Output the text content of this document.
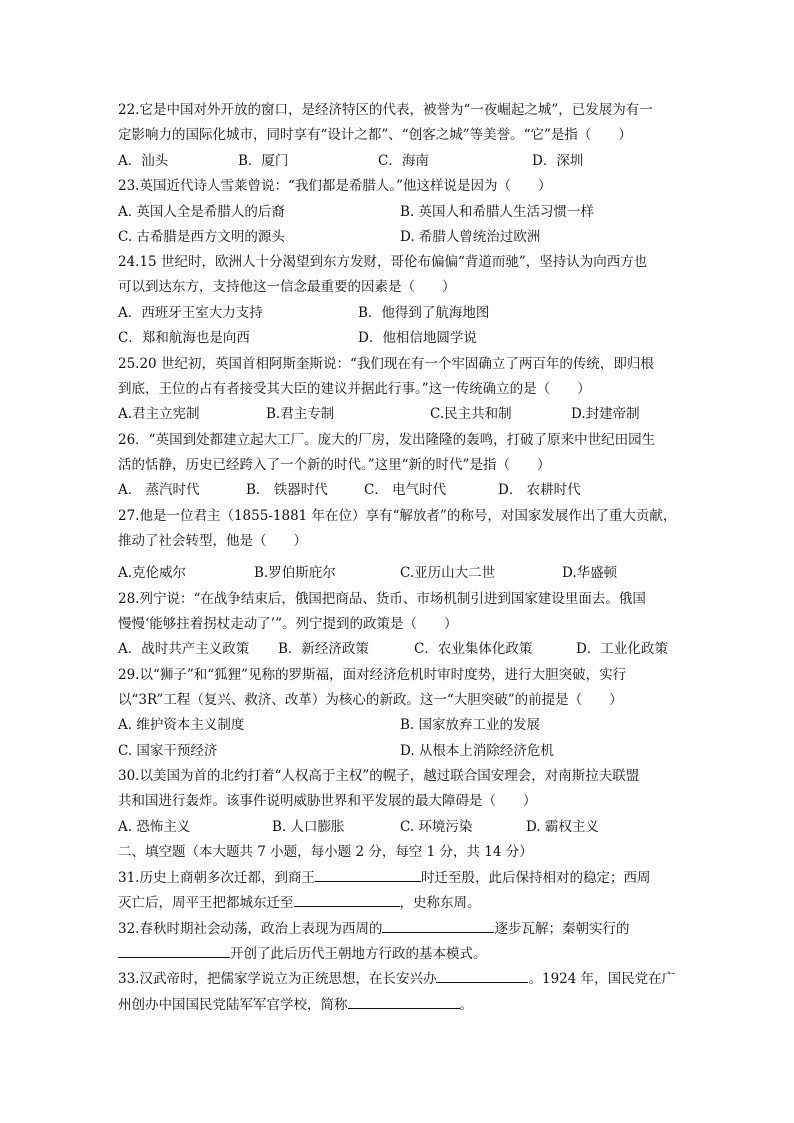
22.它是中国对外开放的窗口，是经济特区的代表，被誉为“一夜崛起之城”，已发展为有一
定影响力的国际化城市，同时享有“设计之都”、“创客之城”等美誉。“它”是指（　　）
A．汕头	B．厦门	C．海南	D．深圳
23.英国近代诗人雪莱曾说：“我们都是希腊人。”他这样说是因为（　　）
A. 英国人全是希腊人的后裔	B. 英国人和希腊人生活习惯一样
C. 古希腊是西方文明的源头	D. 希腊人曾统治过欧洲
24.15 世纪时，欧洲人十分渴望到东方发财，哥伦布偏偏“背道而驰”，坚持认为向西方也
可以到达东方，支持他这一信念最重要的因素是（　　）
A．西班牙王室大力支持	B．他得到了航海地图
C．郑和航海也是向西	D．他相信地圆学说
25.20 世纪初，英国首相阿斯奎斯说：“我们现在有一个牢固确立了两百年的传统，即归根
到底，王位的占有者接受其大臣的建议并据此行事。”这一传统确立的是（　　）
A.君主立宪制	B.君主专制	C.民主共和制	D.封建帝制
26．“英国到处都建立起大工厂。庞大的厂房，发出隆隆的轰鸣，打破了原来中世纪田园生
活的恬静，历史已经跨入了一个新的时代。”这里“新的时代”是指（　　）
A． 蒸汽时代	B． 铁器时代	C． 电气时代	D． 农耕时代
27.他是一位君主（1855-1881 年在位）享有“解放者”的称号，对国家发展作出了重大贡献，
推动了社会转型，他是（　　）
A.克伦威尔	B.罗伯斯庇尔	C.亚历山大二世	D.华盛顿
28.列宁说：“在战争结束后，俄国把商品、货币、市场机制引进到国家建设里面去。俄国
慢慢‘能够拄着拐杖走动了’”。列宁提到的政策是（　　）
A．战时共产主义政策 B．新经济政策	C．农业集体化政策	D．工业化政策
29.以“狮子”和“狐狸”见称的罗斯福，面对经济危机时审时度势，进行大胆突破，实行
以“3R”工程（复兴、救济、改革）为核心的新政。这一“大胆突破”的前提是（　　）
A. 维护资本主义制度	B. 国家放弃工业的发展
C. 国家干预经济	D. 从根本上消除经济危机
30.以美国为首的北约打着“人权高于主权”的幌子，越过联合国安理会，对南斯拉夫联盟
共和国进行轰炸。该事件说明威胁世界和平发展的最大障碍是（　　）
A. 恐怖主义	B. 人口膨胀	C. 环境污染	D. 霸权主义
二、填空题（本大题共 7 小题，每小题 2 分，每空 1 分，共 14 分）
31.历史上商朝多次迁都，到商王	时迁至殷，此后保持相对的稳定；西周
灭亡后，周平王把都城东迁至	，史称东周。
32.春秋时期社会动荡，政治上表现为西周的	逐步瓦解；秦朝实行的
开创了此后历代王朝地方行政的基本模式。
33.汉武帝时，把儒家学说立为正统思想，在长安兴办	。1924 年，国民党在广
州创办中国国民党陆军军官学校，简称	。
